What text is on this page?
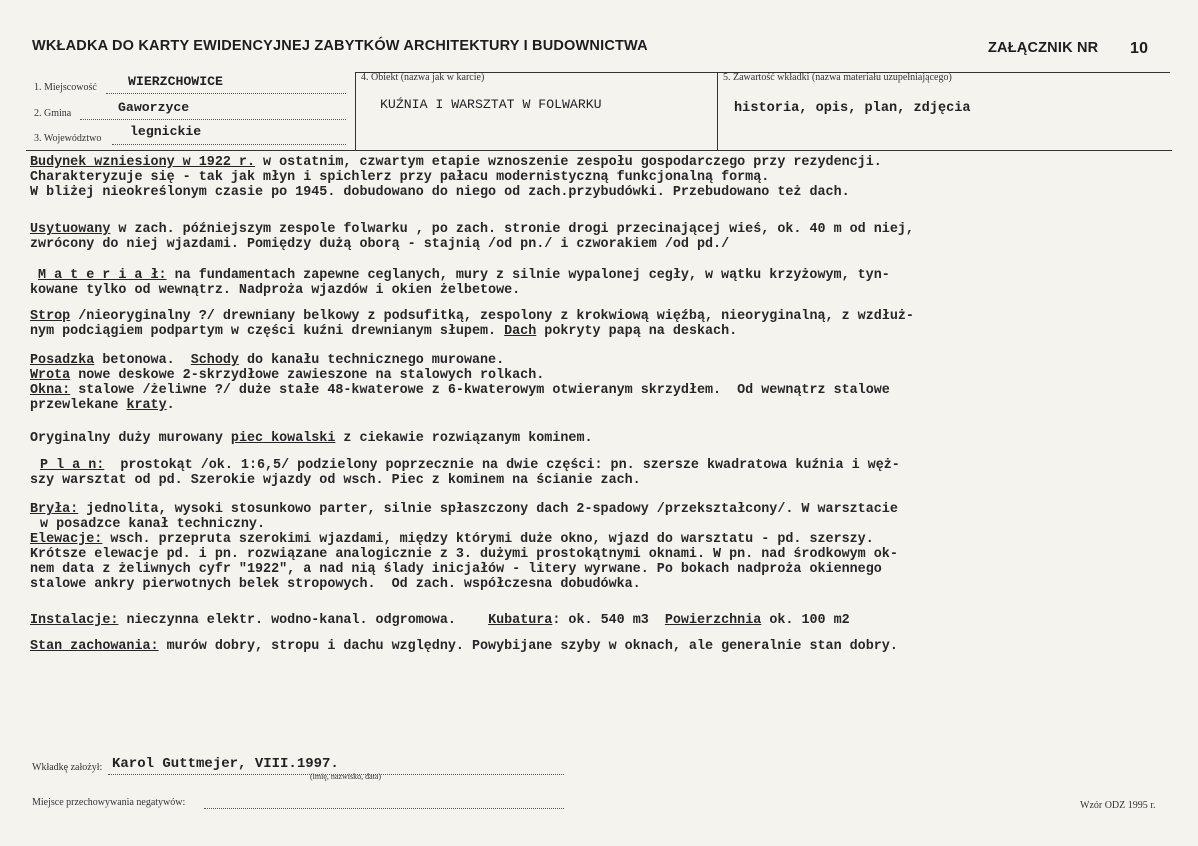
WKŁADKA DO KARTY EWIDENCYJNEJ ZABYTKÓW ARCHITEKTURY I BUDOWNICTWA	ZAŁĄCZNIK NR 10
1. Miejscowość WIERZCHOWICE
2. Gmina	Gaworzyce
3. Województwo legnickie
4. Obiekt (nazwa jak w karcie)
KUŹNIA I WARSZTAT W FOLWARKU
5. Zawartość wkładki (nazwa materiału uzupełniającego)
historia, opis, plan, zdjęcia
Budynek wzniesiony w 1922 r. w ostatnim, czwartym etapie wznoszenie zespołu gospodarczego przy rezydencji.
Charakteryzuje się - tak jak młyn i spichlerz przy pałacu modernistyczną funkcjonalną formą.
W bliżej nieokreślonym czasie po 1945. dobudowano do niego od zach.przybudówki. Przebudowano też dach.
Usytuowany w zach. późniejszym zespole folwarku , po zach. stronie drogi przecinającej wieś, ok. 40 m od niej,
zwrócony do niej wjazdami. Pomiędzy dużą oborą - stajnią /od pn./ i czworakiem /od pd./
M a t e r i a ł: na fundamentach zapewne ceglanych, mury z silnie wypalonej cegły, w wątku krzyżowym, tyn-
kowane tylko od wewnątrz. Nadproża wjazdów i okien żelbetowe.
Strop /nieoryginalny ?/ drewniany belkowy z podsufitką, zespolony z krokwiową więźbą, nieoryginalną, z wzdłuż-
nym podciągiem podpartym w części kuźni drewnianym słupem. Dach pokryty papą na deskach.
Posadzka betonowa.  Schody do kanału technicznego murowane.
Wrota nowe deskowe 2-skrzydłowe zawieszone na stalowych rolkach.
Okna: stalowe /żeliwne ?/ duże stałe 48-kwaterowe z 6-kwaterowym otwieranym skrzydłem.  Od wewnątrz stalowe
przewlekane kraty.
Oryginalny duży murowany piec kowalski z ciekawie rozwiązanym kominem.
P l a n:  prostokąt /ok. 1:6,5/ podzielony poprzecznie na dwie części: pn. szersze kwadratowa kuźnia i węż-
szy warsztat od pd. Szerokie wjazdy od wsch. Piec z kominem na ścianie zach.
Bryła: jednolita, wysoki stosunkowo parter, silnie spłaszczony dach 2-spadowy /przekształcony/. W warsztacie
w posadzce kanał techniczny.
Elewacje: wsch. przepruta szerokimi wjazdami, między którymi duże okno, wjazd do warsztatu - pd. szerszy.
Krótsze elewacje pd. i pn. rozwiązane analogicznie z 3. dużymi prostokątnymi oknami. W pn. nad środkowym ok-
nem data z żeliwnych cyfr "1922", a nad nią ślady inicjałów - litery wyrwane. Po bokach nadproża okiennego
stalowe ankry pierwotnych belek stropowych.  Od zach. współczesna dobudówka.
Instalacje: nieczynna elektr. wodno-kanal. odgromowa.    Kubatura: ok. 540 m3  Powierzchnia ok. 100 m2
Stan zachowania: murów dobry, stropu i dachu względny. Powybijane szyby w oknach, ale generalnie stan dobry.
Wkładkę założył: Karol Guttmejer, VIII.1997.
(imię, nazwisko, data)
Miejsce przechowywania negatywów:	Wzór ODZ 1995 r.
